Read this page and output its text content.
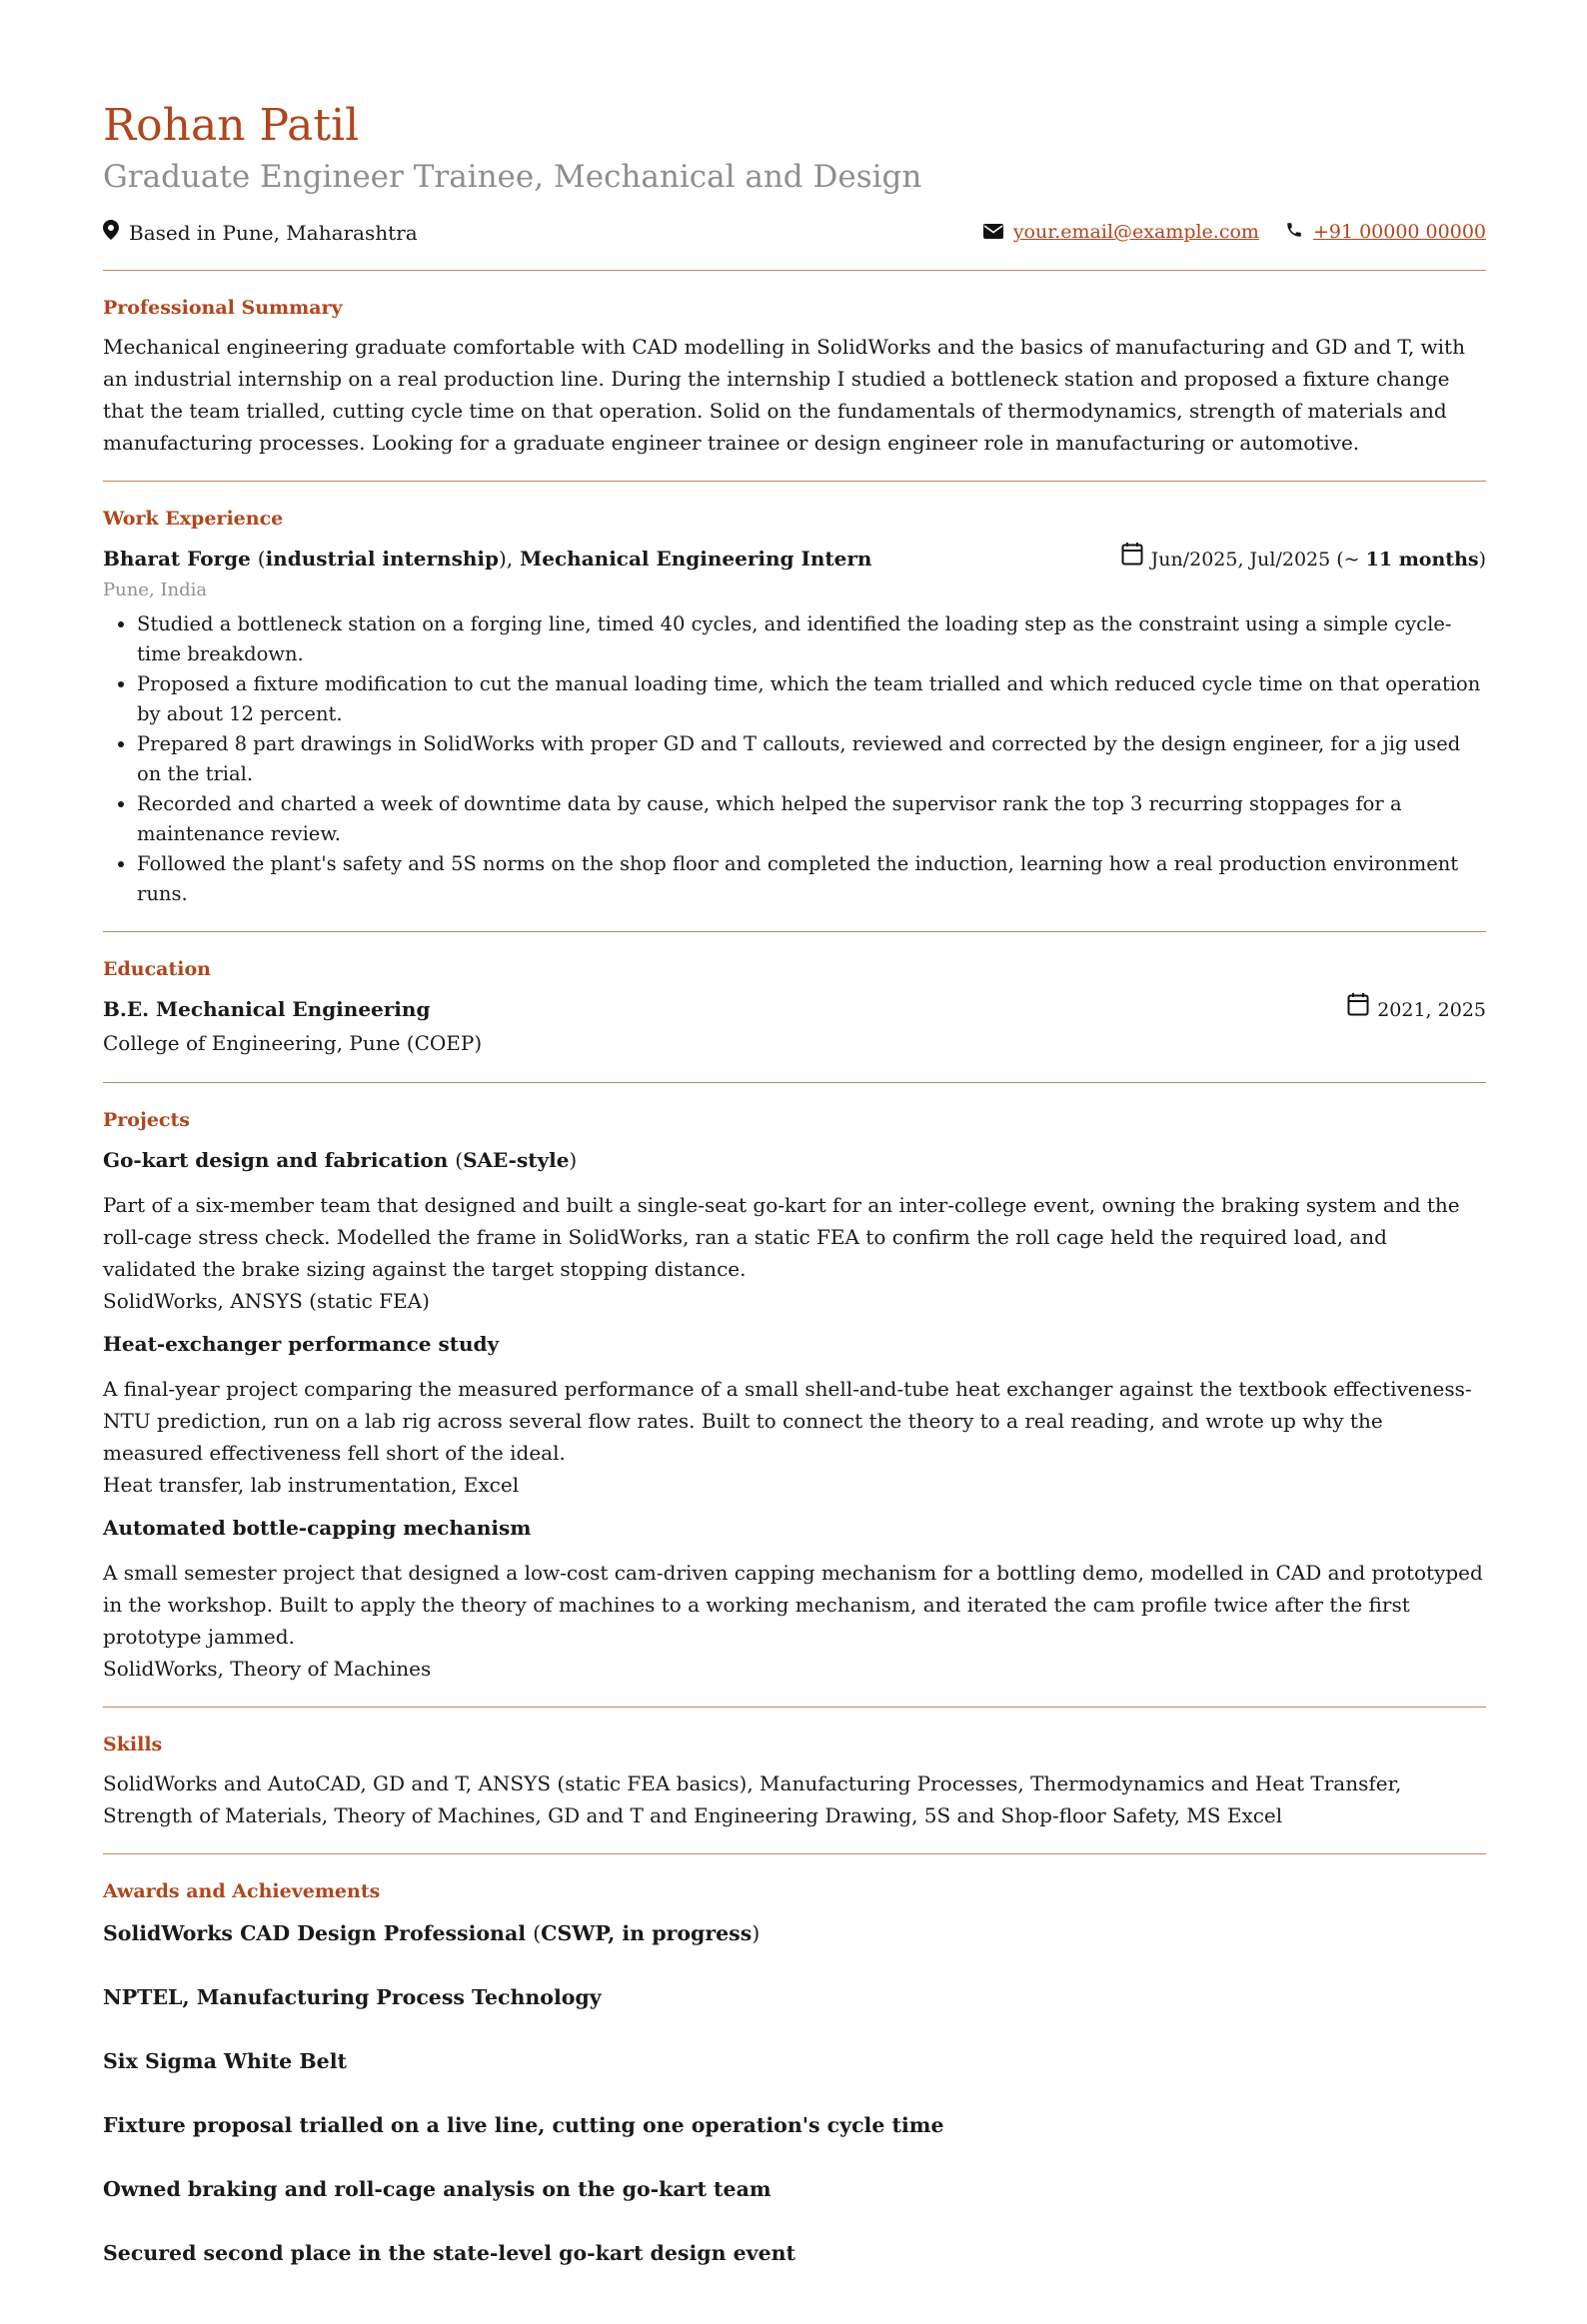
Rohan Patil
Graduate Engineer Trainee, Mechanical and Design
Based in Pune, Maharashtra	your.email@example.com	+91 00000 00000
Professional Summary

Mechanical engineering graduate comfortable with CAD modelling in SolidWorks and the basics of manufacturing and GD and T, with an industrial internship on a real production line. During the internship I studied a bottleneck station and proposed a fixture change that the team trialled, cutting cycle time on that operation. Solid on the fundamentals of thermodynamics, strength of materials and manufacturing processes. Looking for a graduate engineer trainee or design engineer role in manufacturing or automotive.

Work Experience
Bharat Forge (industrial internship), Mechanical Engineering Intern	Jun/2025, Jul/2025 (~ 11 months)
Pune, India
• Studied a bottleneck station on a forging line, timed 40 cycles, and identified the loading step as the constraint using a simple cycle-time breakdown.
• Proposed a fixture modification to cut the manual loading time, which the team trialled and which reduced cycle time on that operation by about 12 percent.
• Prepared 8 part drawings in SolidWorks with proper GD and T callouts, reviewed and corrected by the design engineer, for a jig used on the trial.
• Recorded and charted a week of downtime data by cause, which helped the supervisor rank the top 3 recurring stoppages for a maintenance review.
• Followed the plant's safety and 5S norms on the shop floor and completed the induction, learning how a real production environment runs.
Education
B.E. Mechanical Engineering	2021, 2025
College of Engineering, Pune (COEP)
Projects
Go-kart design and fabrication (SAE-style)

Part of a six-member team that designed and built a single-seat go-kart for an inter-college event, owning the braking system and the roll-cage stress check. Modelled the frame in SolidWorks, ran a static FEA to confirm the roll cage held the required load, and validated the brake sizing against the target stopping distance.

SolidWorks, ANSYS (static FEA)

Heat-exchanger performance study

A final-year project comparing the measured performance of a small shell-and-tube heat exchanger against the textbook effectiveness-NTU prediction, run on a lab rig across several flow rates. Built to connect the theory to a real reading, and wrote up why the measured effectiveness fell short of the ideal.

Heat transfer, lab instrumentation, Excel

Automated bottle-capping mechanism

A small semester project that designed a low-cost cam-driven capping mechanism for a bottling demo, modelled in CAD and prototyped in the workshop. Built to apply the theory of machines to a working mechanism, and iterated the cam profile twice after the first prototype jammed.

SolidWorks, Theory of Machines

Skills

SolidWorks and AutoCAD, GD and T, ANSYS (static FEA basics), Manufacturing Processes, Thermodynamics and Heat Transfer, Strength of Materials, Theory of Machines, GD and T and Engineering Drawing, 5S and Shop-floor Safety, MS Excel

Awards and Achievements
SolidWorks CAD Design Professional (CSWP, in progress)
NPTEL, Manufacturing Process Technology
Six Sigma White Belt
Fixture proposal trialled on a live line, cutting one operation's cycle time
Owned braking and roll-cage analysis on the go-kart team
Secured second place in the state-level go-kart design event
